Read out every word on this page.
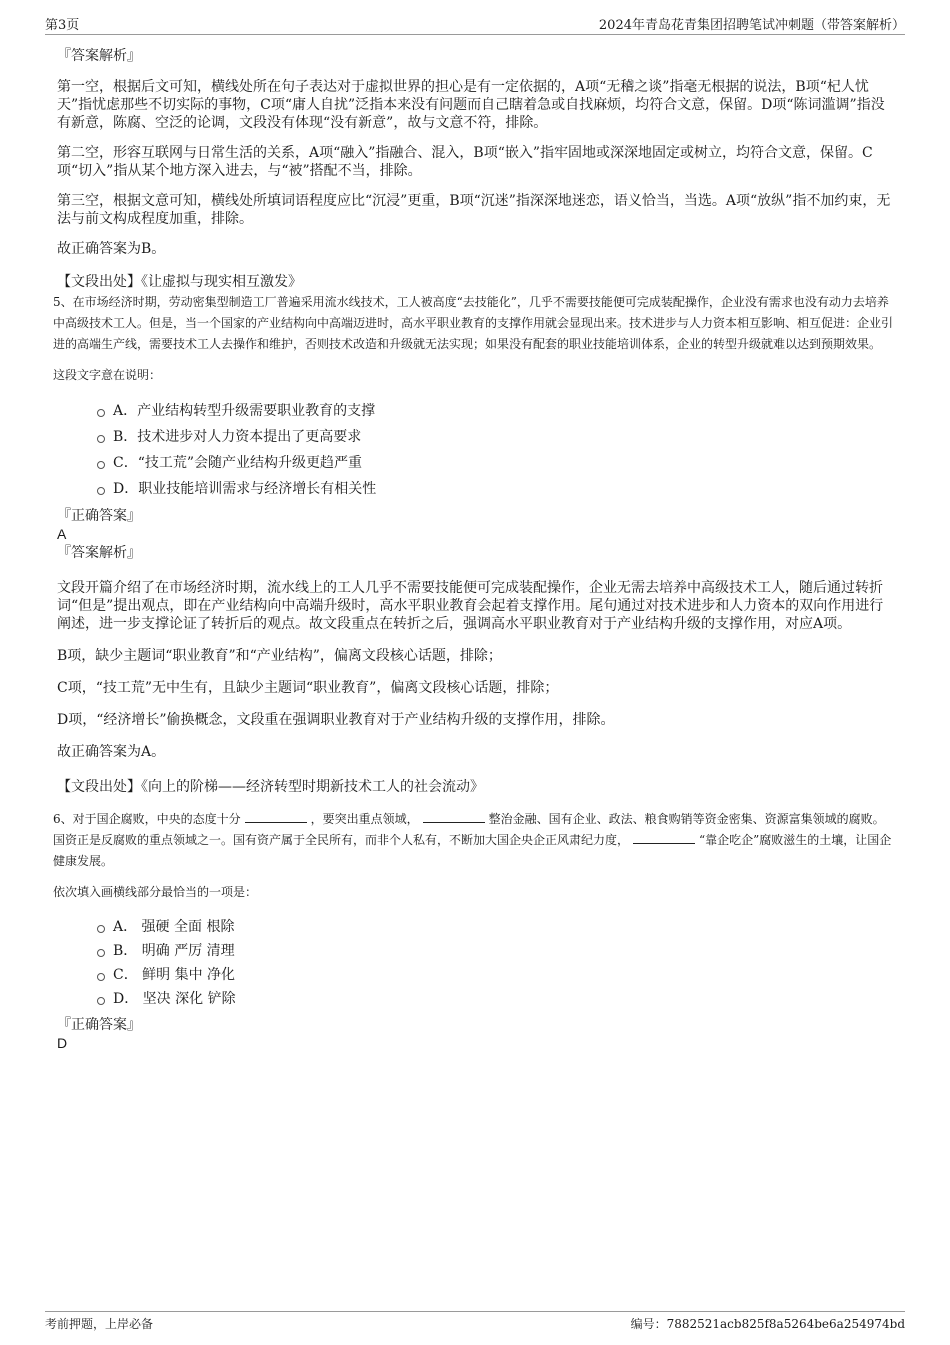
第3页	2024年青岛花青集团招聘笔试冲刺题（带答案解析）

『答案解析』

第一空，根据后文可知，横线处所在句子表达对于虚拟世界的担心是有一定依据的，A项“无稽之谈”指毫无根据的说法，B项“杞人忧天”指忧虑那些不切实际的事物，C项“庸人自扰”泛指本来没有问题而自己瞎着急或自找麻烦，均符合文意，保留。D项“陈词滥调”指没有新意，陈腐、空泛的论调，文段没有体现“没有新意”，故与文意不符，排除。

第二空，形容互联网与日常生活的关系，A项“融入”指融合、混入，B项“嵌入”指牢固地或深深地固定或树立，均符合文意，保留。C项“切入”指从某个地方深入进去，与“被”搭配不当，排除。

第三空，根据文意可知，横线处所填词语程度应比“沉浸”更重，B项“沉迷”指深深地迷恋，语义恰当，当选。A项“放纵”指不加约束，无法与前文构成程度加重，排除。

故正确答案为B。

【文段出处】《让虚拟与现实相互激发》

5、在市场经济时期，劳动密集型制造工厂普遍采用流水线技术，工人被高度“去技能化”，几乎不需要技能便可完成装配操作，企业没有需求也没有动力去培养中高级技术工人。但是，当一个国家的产业结构向中高端迈进时，高水平职业教育的支撑作用就会显现出来。技术进步与人力资本相互影响、相互促进：企业引进的高端生产线，需要技术工人去操作和维护，否则技术改造和升级就无法实现；如果没有配套的职业技能培训体系，企业的转型升级就难以达到预期效果。

这段文字意在说明：

A．产业结构转型升级需要职业教育的支撑
B．技术进步对人力资本提出了更高要求
C．“技工荒”会随产业结构升级更趋严重
D．职业技能培训需求与经济增长有相关性

『正确答案』

A

『答案解析』

文段开篇介绍了在市场经济时期，流水线上的工人几乎不需要技能便可完成装配操作，企业无需去培养中高级技术工人，随后通过转折词“但是”提出观点，即在产业结构向中高端升级时，高水平职业教育会起着支撑作用。尾句通过对技术进步和人力资本的双向作用进行阐述，进一步支撑论证了转折后的观点。故文段重点在转折之后，强调高水平职业教育对于产业结构升级的支撑作用，对应A项。

B项，缺少主题词“职业教育”和“产业结构”，偏离文段核心话题，排除；

C项，“技工荒”无中生有，且缺少主题词“职业教育”，偏离文段核心话题，排除；

D项，“经济增长”偷换概念，文段重在强调职业教育对于产业结构升级的支撑作用，排除。

故正确答案为A。

【文段出处】《向上的阶梯——经济转型时期新技术工人的社会流动》

6、对于国企腐败，中央的态度十分	，要突出重点领域，	整治金融、国有企业、政法、粮食购销等资金密集、资源富集领域的腐败。国资正是反腐败的重点领域之一。国有资产属于全民所有，而非个人私有，不断加大国企央企正风肃纪力度，	“靠企吃企”腐败滋生的土壤，让国企健康发展。

依次填入画横线部分最恰当的一项是：

A． 强硬 全面 根除
B． 明确 严厉 清理
C． 鲜明 集中 净化
D． 坚决 深化 铲除

『正确答案』

D

考前押题，上岸必备	编号：7882521acb825f8a5264be6a254974bd
